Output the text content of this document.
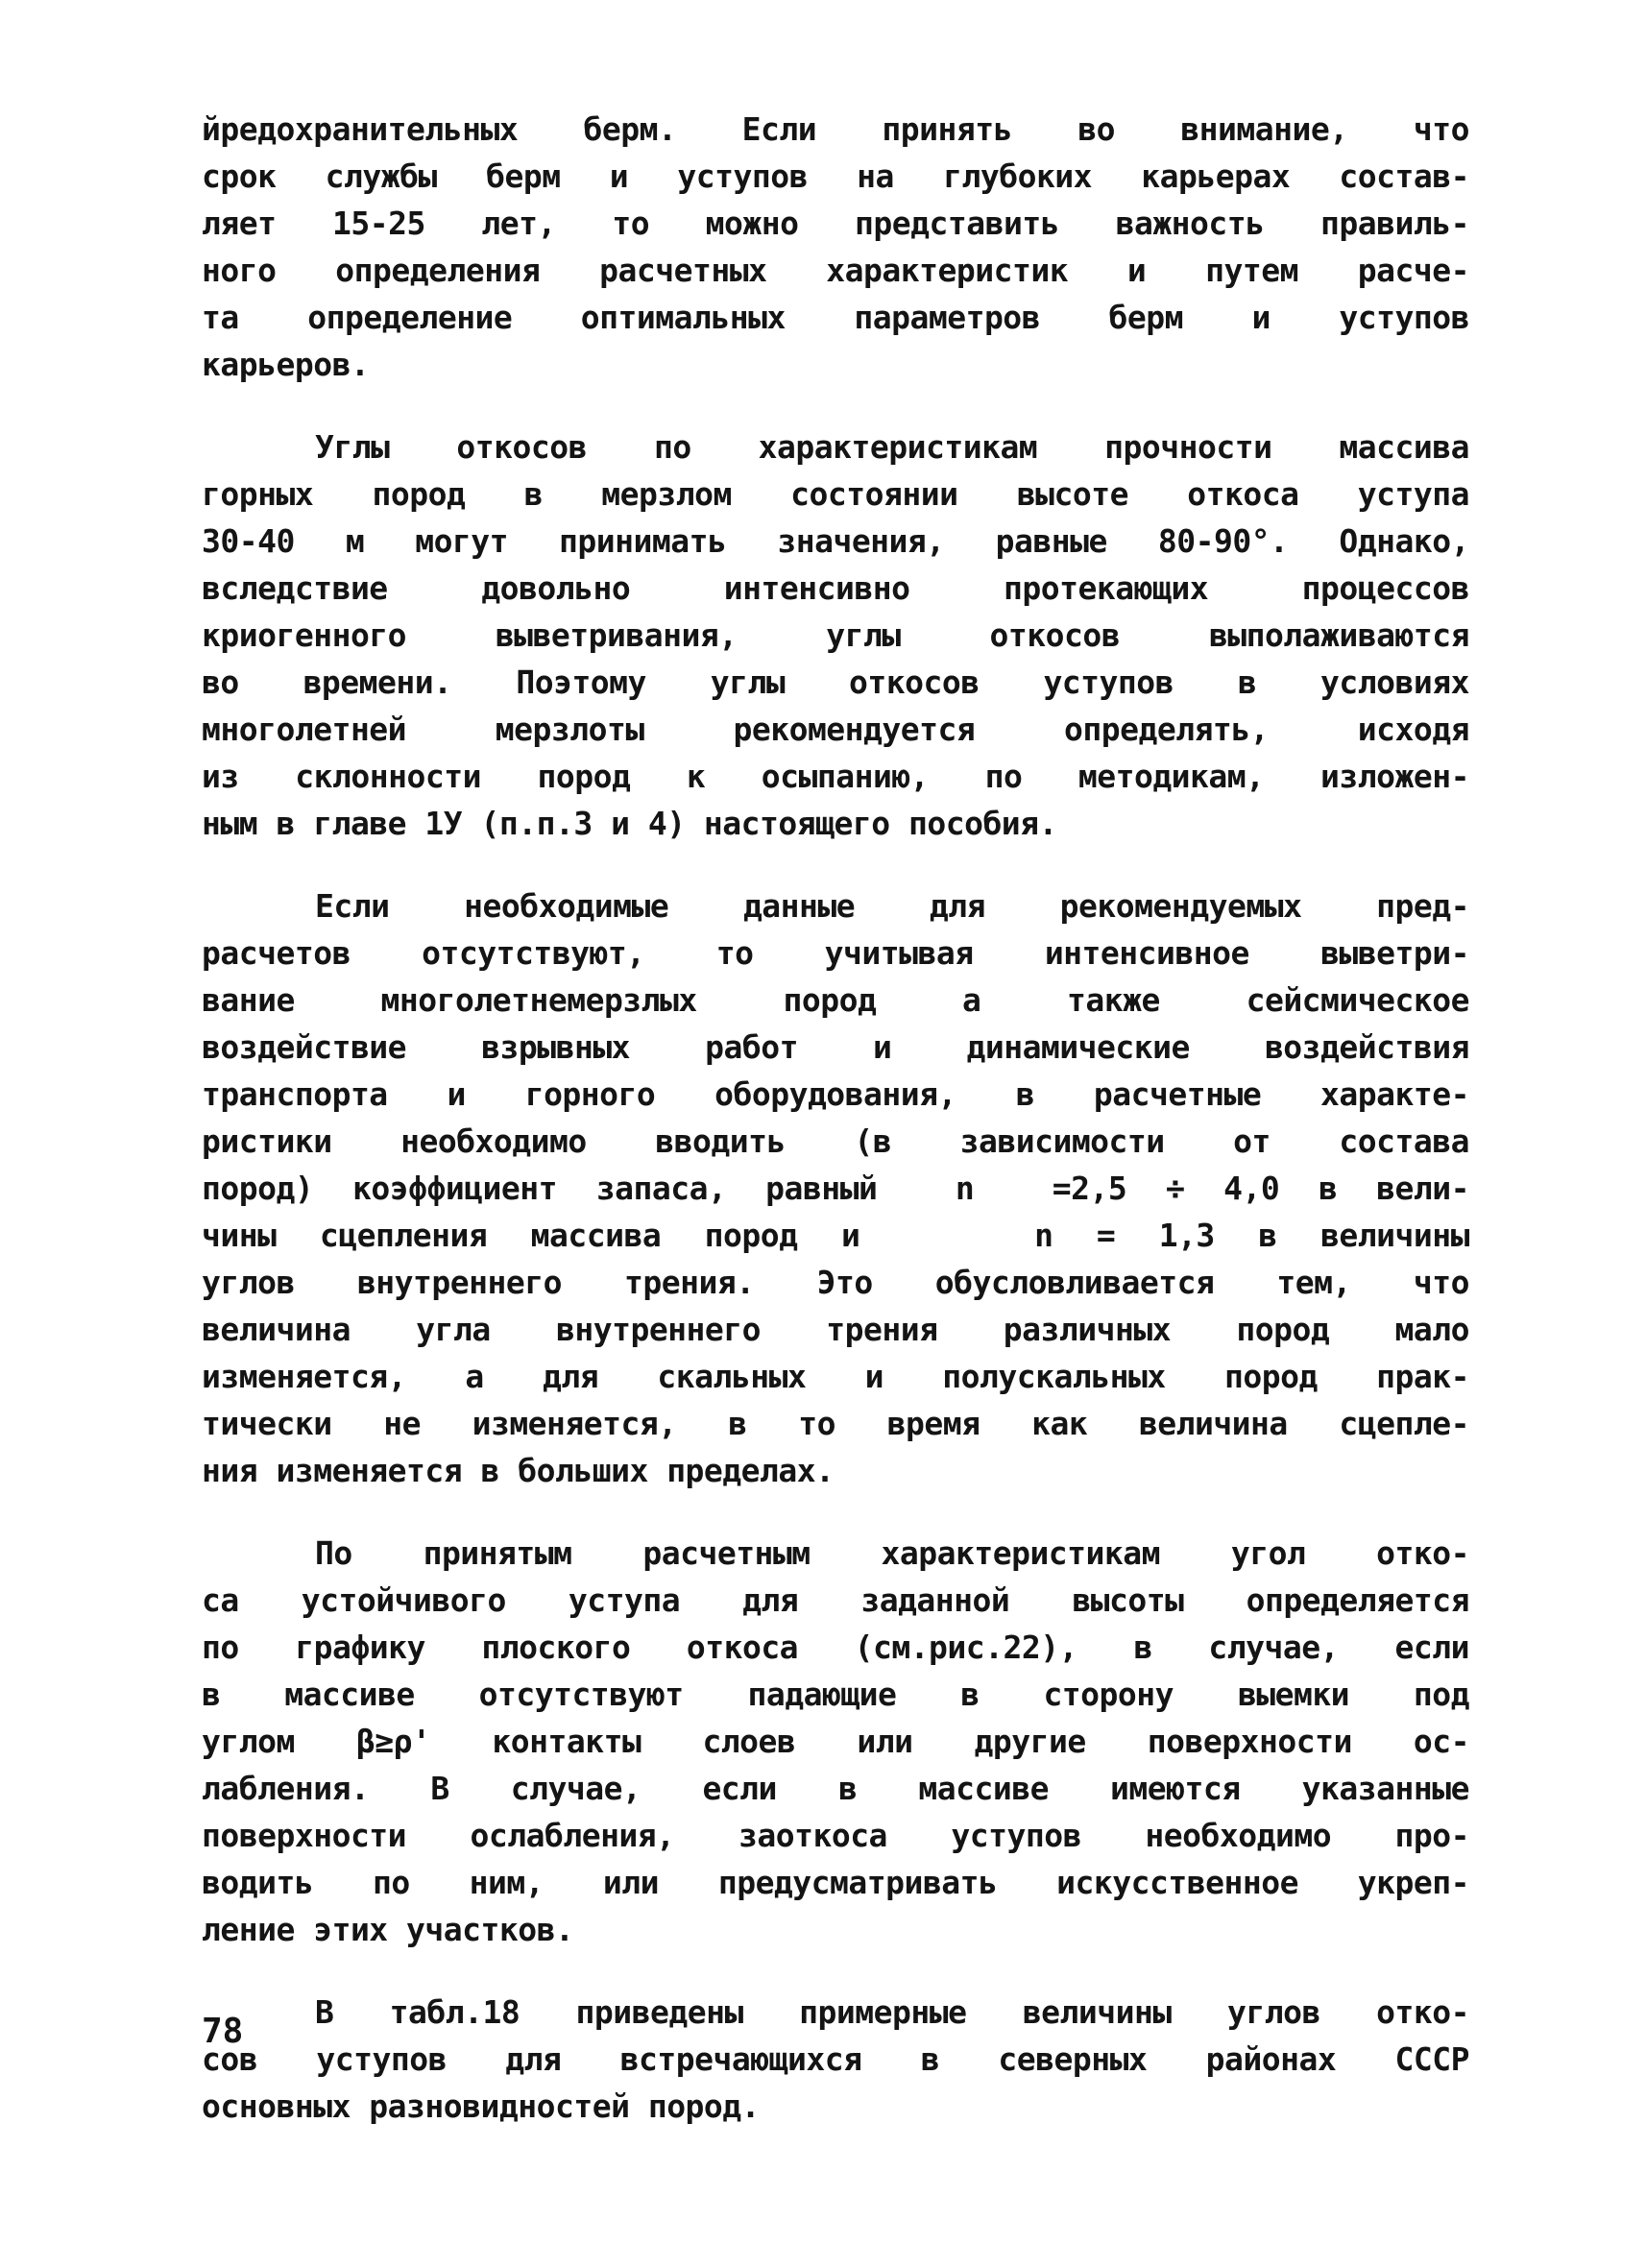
йредохранительных берм. Если принять во внимание, что
срок службы берм и уступов на глубоких карьерах состав-
ляет 15-25 лет, то можно представить важность правиль-
ного определения расчетных характеристик и путем расче-
та определение оптимальных параметров берм и уступов
карьеров.

Углы откосов по характеристикам прочности массива
горных пород в мерзлом состоянии высоте откоса уступа
30-40 м могут принимать значения, равные 80-90°. Однако,
вследствие довольно интенсивно протекающих процессов
криогенного выветривания, углы откосов выполаживаются
во времени. Поэтому углы откосов уступов в условиях
многолетней мерзлоты рекомендуется определять, исходя
из склонности пород к осыпанию, по методикам, изложен-
ным в главе 1У (п.п.3 и 4) настоящего пособия.

Если необходимые данные для рекомендуемых пред-
расчетов отсутствуют, то учитывая интенсивное выветри-
вание многолетнемерзлых пород а также сейсмическое
воздействие взрывных работ и динамические воздействия
транспорта и горного оборудования, в расчетные характе-
ристики необходимо вводить (в зависимости от состава
пород) коэффициент запаса, равный  n  =2,5 ÷ 4,0 в вели-
чины сцепления массива пород и    n = 1,3 в величины
углов внутреннего трения. Это обусловливается тем, что
величина угла внутреннего трения различных пород мало
изменяется, а для скальных и полускальных пород прак-
тически не изменяется, в то время как величина сцепле-
ния изменяется в больших пределах.

По принятым расчетным характеристикам угол отко-
са устойчивого уступа для заданной высоты определяется
по графику плоского откоса (см.рис.22), в случае, если
в массиве отсутствуют падающие в сторону выемки под
углом β≥ρ' контакты слоев или другие поверхности ос-
лабления. В случае, если в массиве имеются указанные
поверхности ослабления, заоткоса уступов необходимо про-
водить по ним, или предусматривать искусственное укреп-
ление этих участков.

В табл.18 приведены примерные величины углов отко-
сов уступов для встречающихся в северных районах СССР
основных разновидностей пород.

78
